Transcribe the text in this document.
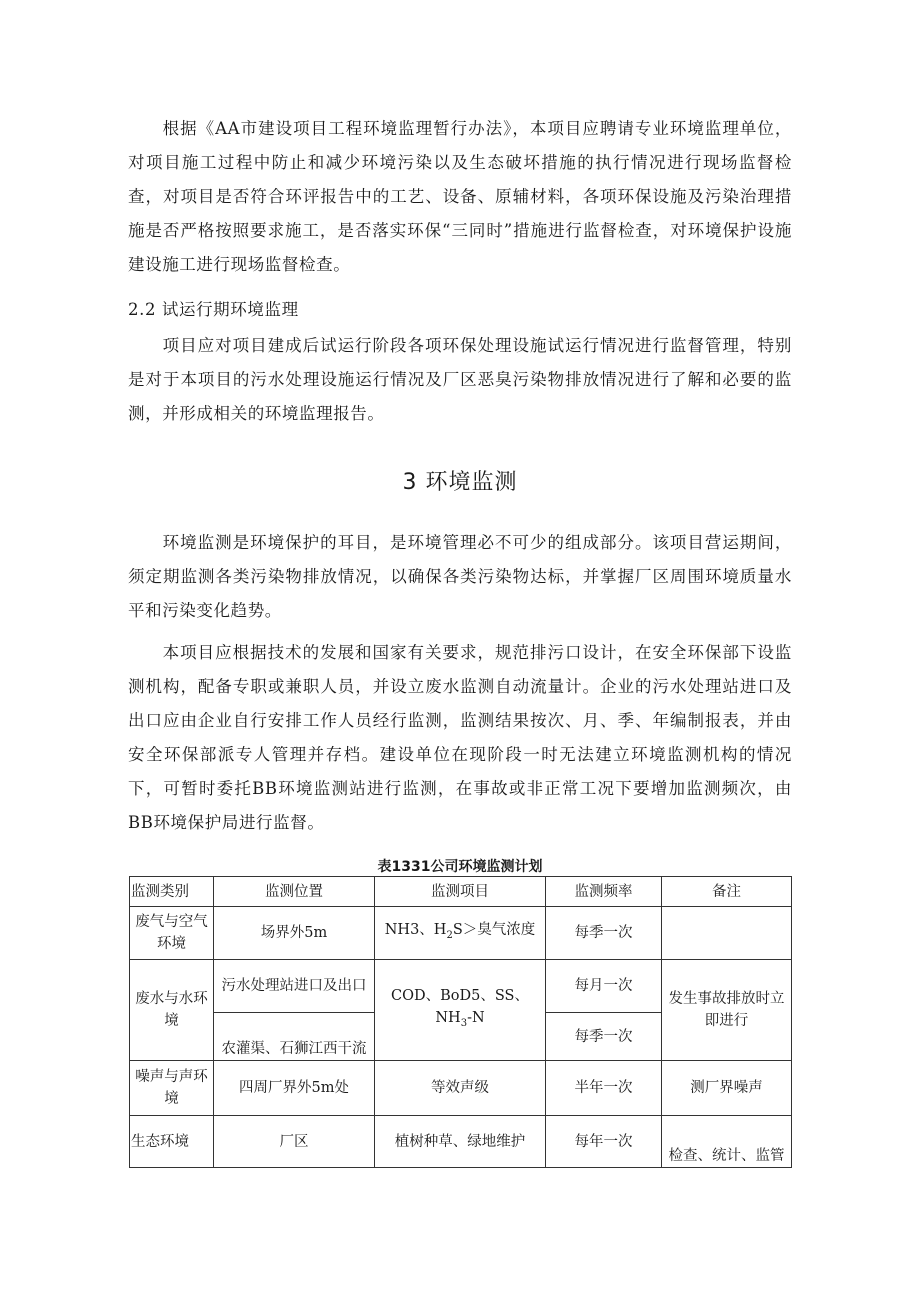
根据《AA市建设项目工程环境监理暂行办法》，本项目应聘请专业环境监理单位，对项目施工过程中防止和减少环境污染以及生态破坏措施的执行情况进行现场监督检查，对项目是否符合环评报告中的工艺、设备、原辅材料，各项环保设施及污染治理措施是否严格按照要求施工，是否落实环保“三同时”措施进行监督检查，对环境保护设施建设施工进行现场监督检查。

2.2 试运行期环境监理

项目应对项目建成后试运行阶段各项环保处理设施试运行情况进行监督管理，特别是对于本项目的污水处理设施运行情况及厂区恶臭污染物排放情况进行了解和必要的监测，并形成相关的环境监理报告。

3 环境监测

环境监测是环境保护的耳目，是环境管理必不可少的组成部分。该项目营运期间，须定期监测各类污染物排放情况，以确保各类污染物达标，并掌握厂区周围环境质量水平和污染变化趋势。

本项目应根据技术的发展和国家有关要求，规范排污口设计，在安全环保部下设监测机构，配备专职或兼职人员，并设立废水监测自动流量计。企业的污水处理站进口及出口应由企业自行安排工作人员经行监测，监测结果按次、月、季、年编制报表，并由安全环保部派专人管理并存档。建设单位在现阶段一时无法建立环境监测机构的情况下，可暂时委托BB环境监测站进行监测，在事故或非正常工况下要增加监测频次，由BB环境保护局进行监督。

表1331公司环境监测计划

监测类别	监测位置	监测项目	监测频率	备注
废气与空气环境	场界外5m	NH3、$H_2S>$臭气浓度	每季一次	
废水与水环境	污水处理站进口及出口	COD、BoD5、SS、
$NH_3-N$	每月一次	发生事故排放时立即进行
	农灌渠、石狮江西干流		每季一次	
噪声与声环境	四周厂界外5m处	等效声级	半年一次	测厂界噪声
生态环境	厂区	植树种草、绿地维护	每年一次	检查、统计、监管
